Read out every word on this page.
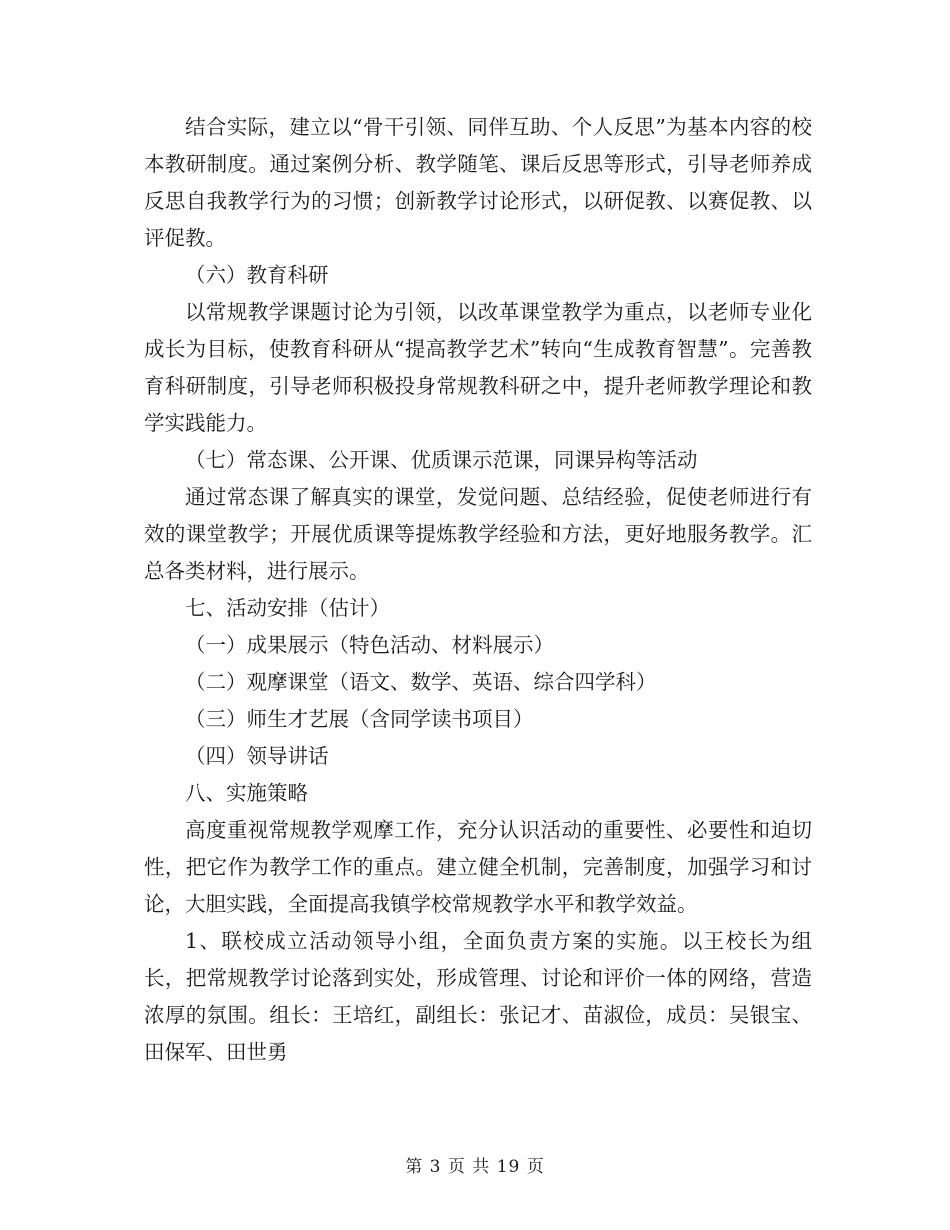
结合实际，建立以“骨干引领、同伴互助、个人反思”为基本内容的校本教研制度。通过案例分析、教学随笔、课后反思等形式，引导老师养成反思自我教学行为的习惯；创新教学讨论形式，以研促教、以赛促教、以评促教。

（六）教育科研

以常规教学课题讨论为引领，以改革课堂教学为重点，以老师专业化成长为目标，使教育科研从“提高教学艺术”转向“生成教育智慧”。完善教育科研制度，引导老师积极投身常规教科研之中，提升老师教学理论和教学实践能力。

（七）常态课、公开课、优质课示范课，同课异构等活动

通过常态课了解真实的课堂，发觉问题、总结经验，促使老师进行有效的课堂教学；开展优质课等提炼教学经验和方法，更好地服务教学。汇总各类材料，进行展示。

七、活动安排（估计）

（一）成果展示（特色活动、材料展示）

（二）观摩课堂（语文、数学、英语、综合四学科）

（三）师生才艺展（含同学读书项目）

（四）领导讲话

八、实施策略

高度重视常规教学观摩工作，充分认识活动的重要性、必要性和迫切性，把它作为教学工作的重点。建立健全机制，完善制度，加强学习和讨论，大胆实践，全面提高我镇学校常规教学水平和教学效益。

1、联校成立活动领导小组，全面负责方案的实施。以王校长为组长，把常规教学讨论落到实处，形成管理、讨论和评价一体的网络，营造浓厚的氛围。组长：王培红，副组长：张记才、苗淑俭，成员：吴银宝、田保军、田世勇

第 3 页 共 19 页
